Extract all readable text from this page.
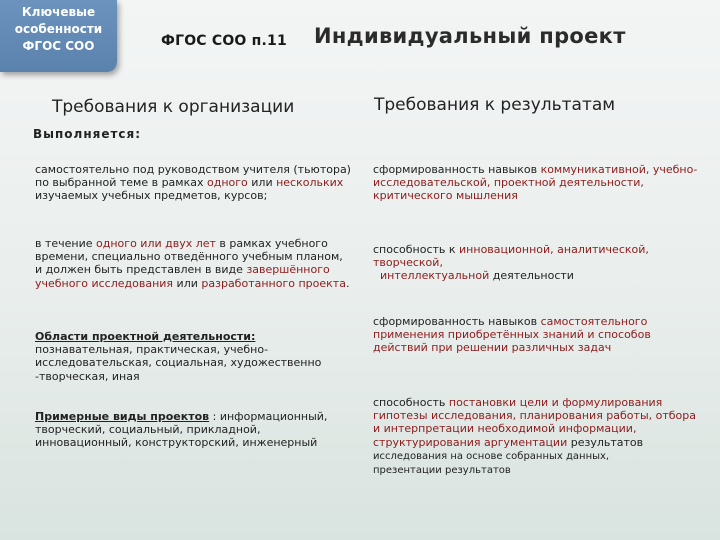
Ключевые
особенности
ФГОС СОО	ФГОС СОО п.11 Индивидуальный проект
Требования к организации	Требования к результатам
Выполняется:
самостоятельно под руководством учителя (тьютора) по выбранной теме в рамках одного или нескольких изучаемых учебных предметов, курсов;
в течение одного или двух лет в рамках учебного времени, специально отведённого учебным планом, и должен быть представлен в виде завершённого учебного исследования или разработанного проекта.
Области проектной деятельности: познавательная, практическая, учебно-исследовательская, социальная, художественно -творческая, иная
Примерные виды проектов : информационный, творческий, социальный, прикладной, инновационный, конструкторский, инженерный
сформированность навыков коммуникативной, учебно-исследовательской, проектной деятельности, критического мышления
способность к инновационной, аналитической, творческой,
интеллектуальной деятельности
сформированность навыков самостоятельного применения приобретённых знаний и способов действий при решении различных задач
способность постановки цели и формулирования гипотезы исследования, планирования работы, отбора и интерпретации необходимой информации, структурирования аргументации результатов
исследования на основе собранных данных,
презентации результатов
